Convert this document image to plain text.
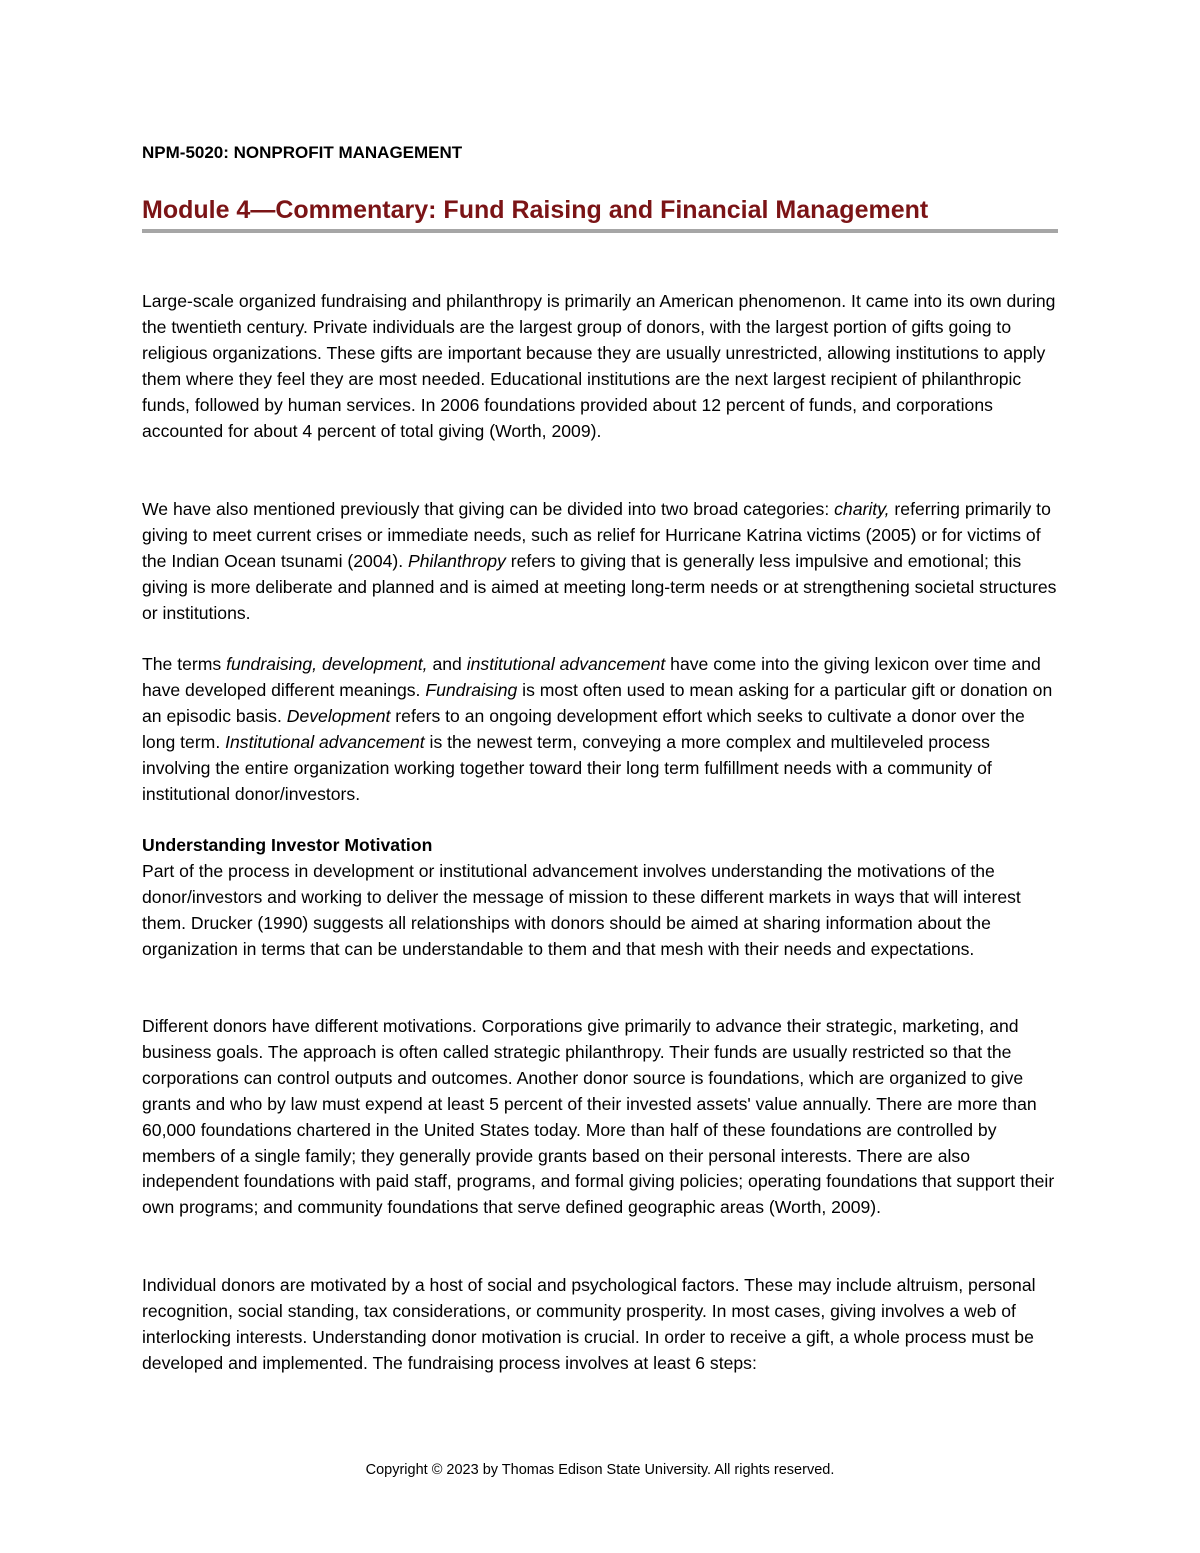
NPM-5020: NONPROFIT MANAGEMENT
Module 4—Commentary: Fund Raising and Financial Management

Large-scale organized fundraising and philanthropy is primarily an American phenomenon. It came into its own during the twentieth century. Private individuals are the largest group of donors, with the largest portion of gifts going to religious organizations. These gifts are important because they are usually unrestricted, allowing institutions to apply them where they feel they are most needed. Educational institutions are the next largest recipient of philanthropic funds, followed by human services. In 2006 foundations provided about 12 percent of funds, and corporations accounted for about 4 percent of total giving (Worth, 2009).

We have also mentioned previously that giving can be divided into two broad categories: charity, referring primarily to giving to meet current crises or immediate needs, such as relief for Hurricane Katrina victims (2005) or for victims of the Indian Ocean tsunami (2004). Philanthropy refers to giving that is generally less impulsive and emotional; this giving is more deliberate and planned and is aimed at meeting long-term needs or at strengthening societal structures or institutions.

The terms fundraising, development, and institutional advancement have come into the giving lexicon over time and have developed different meanings. Fundraising is most often used to mean asking for a particular gift or donation on an episodic basis. Development refers to an ongoing development effort which seeks to cultivate a donor over the long term. Institutional advancement is the newest term, conveying a more complex and multileveled process involving the entire organization working together toward their long term fulfillment needs with a community of institutional donor/investors.

Understanding Investor Motivation

Part of the process in development or institutional advancement involves understanding the motivations of the donor/investors and working to deliver the message of mission to these different markets in ways that will interest them. Drucker (1990) suggests all relationships with donors should be aimed at sharing information about the organization in terms that can be understandable to them and that mesh with their needs and expectations.

Different donors have different motivations. Corporations give primarily to advance their strategic, marketing, and business goals. The approach is often called strategic philanthropy. Their funds are usually restricted so that the corporations can control outputs and outcomes. Another donor source is foundations, which are organized to give grants and who by law must expend at least 5 percent of their invested assets' value annually. There are more than 60,000 foundations chartered in the United States today. More than half of these foundations are controlled by members of a single family; they generally provide grants based on their personal interests. There are also independent foundations with paid staff, programs, and formal giving policies; operating foundations that support their own programs; and community foundations that serve defined geographic areas (Worth, 2009).

Individual donors are motivated by a host of social and psychological factors. These may include altruism, personal recognition, social standing, tax considerations, or community prosperity. In most cases, giving involves a web of interlocking interests. Understanding donor motivation is crucial. In order to receive a gift, a whole process must be developed and implemented. The fundraising process involves at least 6 steps:

Copyright © 2023 by Thomas Edison State University. All rights reserved.
